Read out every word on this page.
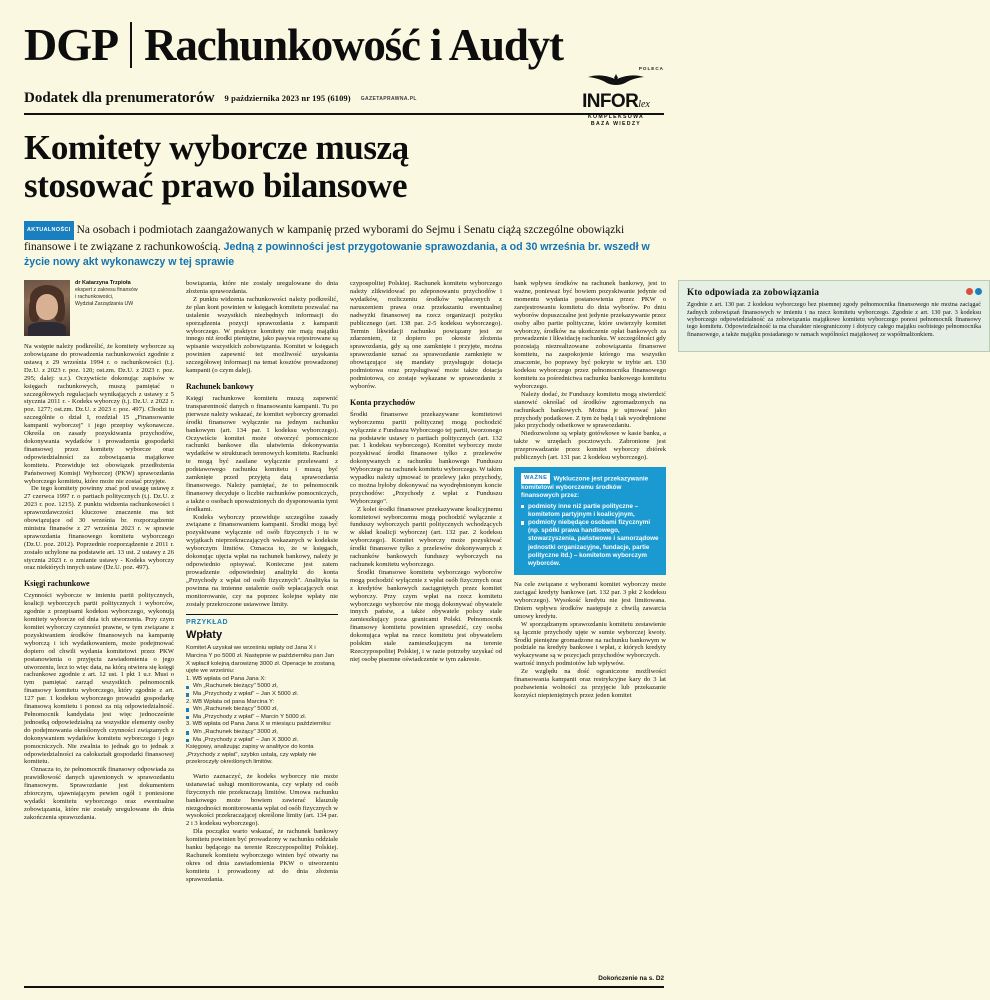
DGP Rachunkowość i Audyt
Dodatek dla prenumeratorów 9 października 2023 nr 195 (6109) GAZETAPRAWNA.PL
POLECA
INFORlex
KOMPLEKSOWA
BAZA WIEDZY
Komitety wyborcze muszą
stosować prawo bilansowe
AKTUALNOŚCI Na osobach i podmiotach zaangażowanych w kampanię przed wyborami do Sejmu i Senatu ciążą szczególne obowiązki finansowe i te związane z rachunkowością. Jedną z powinności jest przygotowanie sprawozdania, a od 30 września br. wszedł w życie nowy akt wykonawczy w tej sprawie
dr Katarzyna Trzpioła
ekspert z zakresu finansów
i rachunkowości,
Wydział Zarządzania UW

Na wstępie należy podkreślić, że komitety wyborcze są zobowiązane do prowadzenia rachunkowości zgodnie z ustawą z 29 września 1994 r. o rachunkowości (t.j. Dz.U. z 2023 r. poz. 120; ost.zm. Dz.U. z 2023 r. poz. 295; dalej: u.r.). Oczywiście dokonując zapisów w księgach rachunkowych, muszą pamiętać o szczegółowych regulacjach wynikających z ustawy z 5 stycznia 2011 r. - Kodeks wyborczy (t.j. Dz.U. z 2022 r. poz. 1277; ost.zm. Dz.U. z 2023 r. poz. 497). Chodzi tu szczególnie o dział I, rozdział 15 „Finansowanie kampanii wyborczej" i jego przepisy wykonawcze. Określa on zasady pozyskiwania przychodów, dokonywania wydatków i prowadzenia gospodarki finansowej przez komitety wyborcze oraz odpowiedzialności za zobowiązania majątkowe komitetu. Przewiduje też obowiązek przedłożenia Państwowej Komisji Wyborczej (PKW) sprawozdania wyborczego komitetu, które może nie zostać przyjęte.

De tego komitety powinny znać pod uwagę ustawę z 27 czerwca 1997 r. o partiach politycznych (t.j. Dz.U. z 2023 r. poz. 1215). Z punktu widzenia rachunkowości i sprawozdawczości kluczowe znaczenie ma też obowiązujące od 30 września br. rozporządzenie ministra finansów z 27 września 2023 r. w sprawie sprawozdania finansowego komitetu wyborczego (Dz.U. poz. 2012). Poprzednie rozporządzenie z 2011 r. zostało uchylone na podstawie art. 13 ust. 2 ustawy z 26 stycznia 2023 r. o zmianie ustawy - Kodeks wyborczy oraz niektórych innych ustaw (Dz.U. poz. 497).

Księgi rachunkowe

Czynności wyborcze w imieniu partii politycznych, koalicji wyborczych partii politycznych i wyborców, zgodnie z przepisami kodeksu wyborczego, wykonują komitety wyborcze od dnia ich utworzenia. Przy czym komitet wyborczy czynności prawne, w tym związane z pozyskiwaniem środków finansowych na kampanię wyborczą i ich wydatkowaniem, może podejmować dopiero od chwili wydania komitetowi przez PKW postanowienia o przyjęciu zawiadomienia o jego utworzeniu, lecz to więc data, na którą otwiera się księgi rachunkowe zgodnie z art. 12 ust. 1 pkt 1 u.r. Musi o tym pamiętać zarząd wszystkich pełnomocnik finansowy komitetu wyborczego, który zgodnie z art. 127 par. 1 kodeksu wyborczego prowadzi gospodarkę finansową komitetu i ponosi za nią odpowiedzialność. Pełnomocnik kandydata jest więc jednocześnie jednostką odpowiedzialną za wszystkie elementy osoby do podejmowania określonych czynności związanych z dokonywaniem wydatków komitetu wyborczego i jego pomocniczych. Nie zwalnia to jednak go to jednak z odpowiedzialności za całokształt gospodarki finansowej komitetu.

Oznacza to, że pełnomocnik finansowy odpowiada za prawidłowość danych ujawnionych w sprawozdaniu finansowym. Sprawozdanie jest dokumentem zbiorczym, ujawniającym pewien ogół i poniesione wydatki komitetu wyborczego oraz ewentualne zobowiązania, które nie zostały uregulowane do dnia zakończenia sprawozdania.

bowiązania, które nie zostały uregulowane do dnia złożenia sprawozdania.

Z punktu widzenia rachunkowości należy podkreślić, że plan kont powinien w księgach komitetu pozwalać na ustalenie wszystkich niezbędnych informacji do sporządzenia pozycji sprawozdania z kampanii wyborczego. W praktyce komitety nie mają majątku innego niż środki pieniężne, jako pasywa rejestrowane są wpisanie wszystkich zobowiązania. Komitet w księgach powinien zapewnić też możliwość uzyskania szczegółowej informacji na temat kosztów prowadzonej kampanii (o czym dalej).

Rachunek bankowy

Księgi rachunkowe komitetu muszą zapewnić transparentność danych o finansowaniu kampanii. Tu po pierwsze należy wskazać, że komitet wyborczy gromadzi środki finansowe wyłącznie na jednym rachunku bankowym (art. 134 par. 1 kodeksu wyborczego). Oczywiście komitet może otworzyć pomocnicze rachunki bankowe dla ułatwienia dokonywania wydatków w strukturach terenowych komitetu. Rachunki te mogą być zasilane wyłącznie przelewami z podstawowego rachunku komitetu i muszą być zamknięte przed przyjętą datą sprawozdania finansowego. Należy pamiętać, że to pełnomocnik finansowy decyduje o liczbie rachunków pomocniczych, a także o osobach upoważnionych do dysponowania tymi środkami.

Kodeks wyborczy przewiduje szczególne zasady związane z finansowaniem kampanii. Środki mogą być pozyskiwane wyłącznie od osób fizycznych i tu w wyjątkach nieprzekraczających wskazanych w kodeksie wyborczym limitów. Oznacza to, że w księgach, dokonując ujęcia wpłat na rachunek bankowy, należy je odpowiednio opisywać. Konieczne jest zatem prowadzenie odpowiedniej analityki do konta „Przychody z wpłat od osób fizycznych". Analityka ta powinna na imienne ustalenie osób wpłacających oraz monitorowanie, czy na poprzez kolejne wpłaty nie zostały przekroczone ustawowe limity.

PRZYKŁAD
Wpłaty

Komitet A uzyskał we wrześniu wpłaty od Jana X i Marcina Y po 5000 zł. Następnie w październiku pan Jan X wpłacił kolejną darowiznę 3000 zł. Operacje te zostaną ujęte we wrześniu:

1. WB wpłata od Pana Jana X:

Wn „Rachunek bieżący" 5000 zł,

Ma „Przychody z wpłat" – Jan X 5000 zł.

2. WB Wpłata od pana Marcina Y:

Wn „Rachunek bieżący" 5000 zł,

Ma „Przychody z wpłat" – Marcin Y 5000 zł.

3. WB wpłata od Pana Jana X w miesiącu październiku:

Wn „Rachunek bieżący" 3000 zł,

Ma „Przychody z wpłat" – Jan X 3000 zł.

Księgowy, analizując zapisy w analityce do konta „Przychody z wpłat", szybko ustalą, czy wpłaty nie przekroczyły określonych limitów.

Warto zaznaczyć, że kodeks wyborczy nie może ustanawiać usługi monitorowania, czy wpłaty od osób fizycznych nie przekraczają limitów. Umowa rachunku bankowego może bowiem zawierać klauzulę niezgodności monitorowania wpłat od osób fizycznych w wysokości przekraczającej określone limity (art. 134 par. 2 i 3 kodeksu wyborczego).

Dla początku warto wskazać, że rachunek bankowy komitetu powinien być prowadzony w rachunku oddziale banku będącego na terenie Rzeczypospolitej Polskiej. Rachunek komitetu wyborczego winien być otwarty na okres od dnia zawiadomienia PKW o utworzeniu komitetu i prowadzony aż do dnia złożenia sprawozdania.

czypospolitej Polskiej. Rachunek komitetu wyborczego należy zlikwidować po zdeponowaniu przychodów i wydatków, rozliczeniu środków wpłaconych z naruszeniem prawa oraz przekazaniu ewentualnej nadwyżki finansowej na rzecz organizacji pożytku publicznego (art. 138 par. 2-5 kodeksu wyborczego). Termin likwidacji rachunku powiązany jest ze zdarzeniem, iż dopiero po okresie złożenia sprawozdania, gdy są one zamknięte i przyjęte, można sprawozdanie uznać za sprawozdanie zamknięte w obowiązujące się mandaty przysługuje dotacja podmiotowa oraz przysługiwać może także dotacja podmiotowa, co zostaje wykazane w sprawozdaniu z wyborów.

Konta przychodów

Środki finansowe przekazywane komitetowi wyborczemu partii politycznej mogą pochodzić wyłącznie z Funduszu Wyborczego tej partii, tworzonego na podstawie ustawy o partiach politycznych (art. 132 par. 1 kodeksu wyborczego). Komitet wyborczy może pozyskiwać środki finansowe tylko z przelewów dokonywanych z rachunku bankowego Funduszu Wyborczego na rachunek komitetu wyborczego. W takim wypadku należy ujmować te przelewy jako przychody, co można byłoby dokonywać na wyodrębnionym koncie przychodów: „Przychody z wpłat z Funduszu Wyborczego".

Z kolei środki finansowe przekazywane koalicyjnemu komitetowi wyborczemu mogą pochodzić wyłącznie z funduszy wyborczych partii politycznych wchodzących w skład koalicji wyborczej (art. 132 par. 2 kodeksu wyborczego). Komitet wyborczy może pozyskiwać środki finansowe tylko z przelewów dokonywanych z rachunków bankowych funduszy wyborczych na rachunek komitetu wyborczego.

Środki finansowe komitetu wyborczego wyborców mogą pochodzić wyłącznie z wpłat osób fizycznych oraz z kredytów bankowych zaciągniętych przez komitet wyborczy. Przy czym wpłat na rzecz komitetu wyborczego wyborców nie mogą dokonywać obywatele innych państw, a także obywatele polscy stale zamieszkujący poza granicami Polski. Pełnomocnik finansowy komitetu powinien sprawdzić, czy osoba dokonująca wpłat na rzecz komitetu jest obywatelem polskim stale zamieszkującym na terenie Rzeczypospolitej Polskiej, i w razie potrzeby uzyskać od niej osobę pisemne oświadczenie w tym zakresie.

bank wpływu środków na rachunek bankowy, jest to ważne, ponieważ być bowiem pozyskiwanie jedynie od momentu wydania postanowienia przez PKW o zarejestrowaniu komitetu do dnia wyborów. Po dniu wyborów dopuszczalne jest jedynie przekazywanie przez osoby albo partie polityczne, które uwierzyły komitet wyborczy, środków na ukończenie opłat bankowych za prowadzenie i likwidację rachunku. W szczególności gdy pozostają niezrealizowane zobowiązania finansowe komitetu, na zaspokojenie którego ma wszystko znaczenie, bo poprawy być pokryte w trybie art. 130 kodeksu wyborczego przez pełnomocnika finansowego komitetu za pośrednictwa rachunku bankowego komitetu wyborczego.

Należy dodać, że Funduszy komitetu mogą stwierdzić stanowić określać od środków zgromadzonych na rachunkach bankowych. Można je ujmować jako przychody podatkowe. Z tym że będą i tak wyodrębnione jako przychody odsetkowe w sprawozdaniu.

Niedozwolone są wpłaty gotówkowe w kasie banku, a także w urzędach pocztowych. Zabronione jest przeprowadzanie przez komitet wyborczy zbiórek publicznych (art. 131 par. 2 kodeksu wyborczego).

WAŻNE Wykluczone jest przekazywanie komitetowi wyborczemu środków finansowych przez:
podmioty inne niż partie polityczne – komitetom partyjnym i koalicyjnym,
podmioty niebędące osobami fizycznymi (np. spółki prawa handlowego, stowarzyszenia, państwowe i samorządowe jednostki organizacyjne, fundacje, partie polityczne itd.) – komitetom wyborczym wyborców.

Na cele związane z wyborami komitet wyborczy może zaciągać kredyty bankowe (art. 132 par. 3 pkt 2 kodeksu wyborczego). Wysokość kredytu nie jest limitowana. Dniem wpływu środków następuje z chwilą zawarcia umowy kredytu.

W sporządzanym sprawozdaniu komitetu zestawienie są łącznie przychody ujęte w sumie wyborczej kwoty. Środki pieniężne gromadzone na rachunku bankowym w podziale na kredyty bankowe i wpłat, z których kredyty wykazywane są w pozycjach przychodów wyborczych.

wartość innych podmiotów lub wpływów.

Ze względu na dość ograniczone możliwości finansowania kampanii oraz restrykcyjne kary do 3 lat pozbawienia wolności za przyjęcie lub przekazanie korzyści niepieniężnych przez jeden komitet

Kto odpowiada za zobowiązania

Zgodnie z art. 130 par. 2 kodeksu wyborczego bez pisemnej zgody pełnomocnika finansowego nie można zaciągać żadnych zobowiązań finansowych w imieniu i na rzecz komitetu wyborczego. Zgodnie z art. 130 par. 3 kodeksu wyborczego odpowiedzialność za zobowiązania majątkowe komitetu wyborczego ponosi pełnomocnik finansowy tego komitetu. Odpowiedzialność ta ma charakter nieograniczony i dotyczy całego majątku osobistego pełnomocnika finansowego, a także majątku posiadanego w ramach wspólności majątkowej ze współmałżonkiem.

Dokończenie na s. D2
